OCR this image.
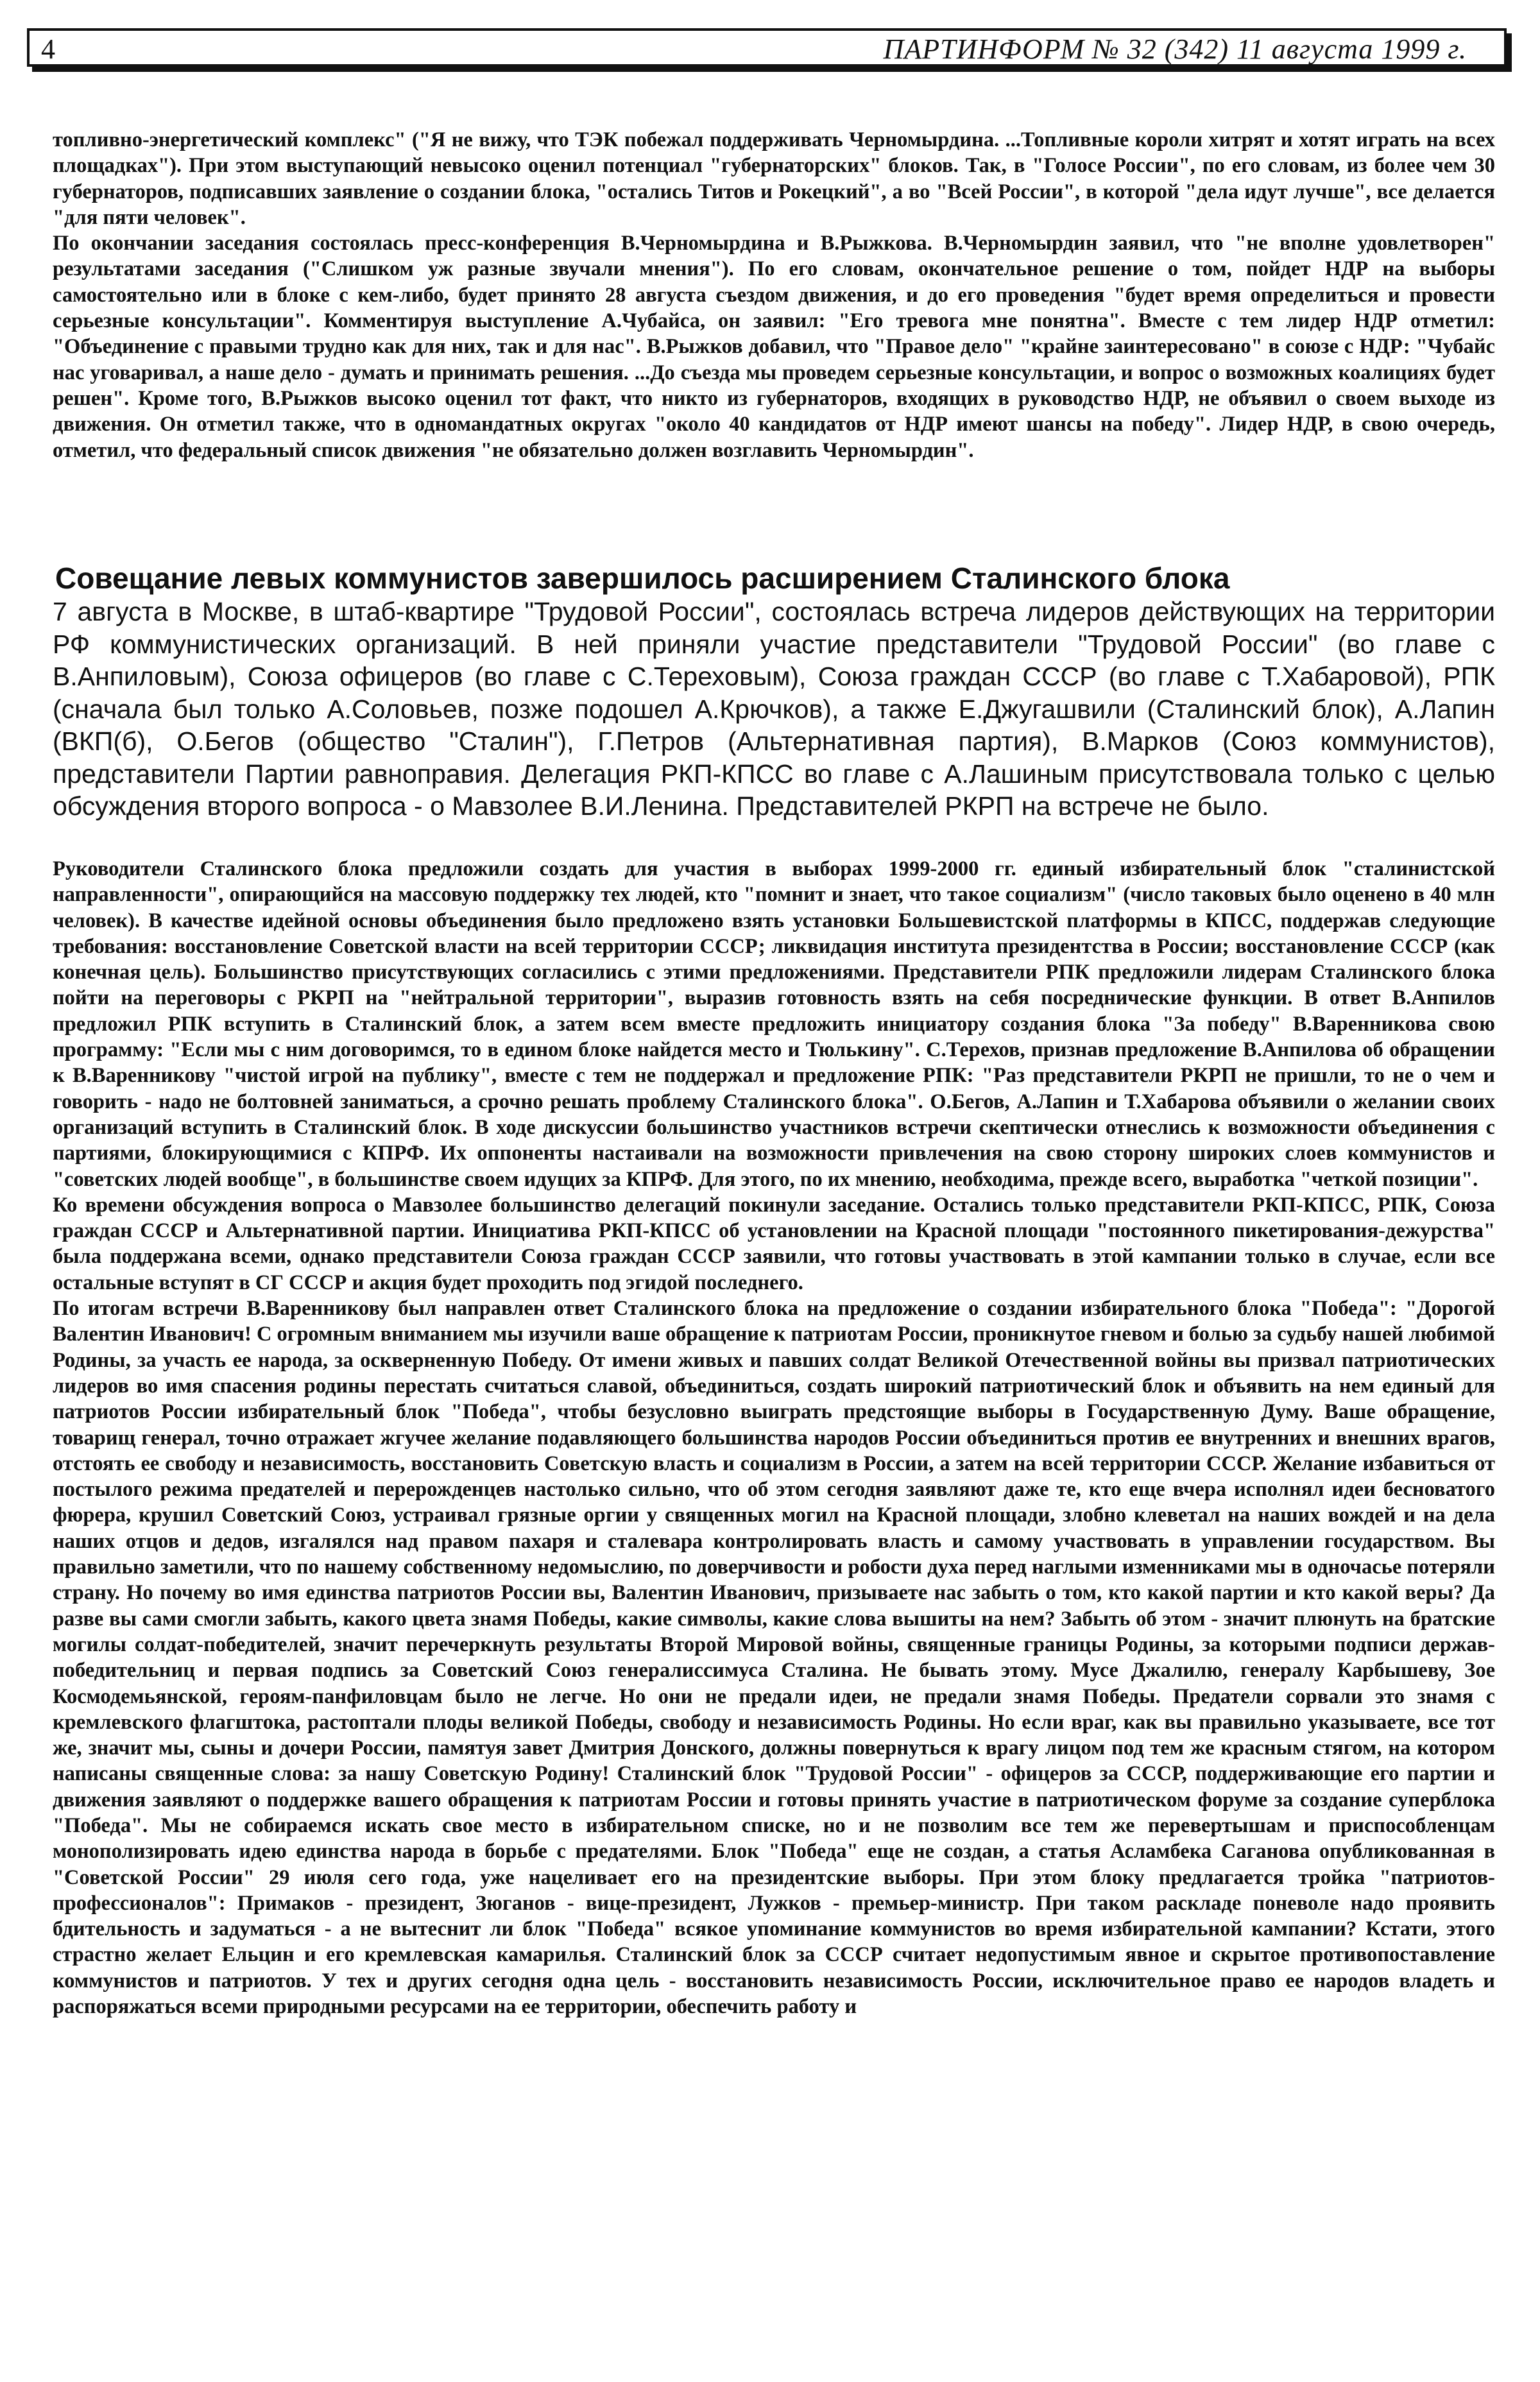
4	ПАРТИНФОРМ № 32 (342) 11 августа 1999 г.

топливно-энергетический комплекс" ("Я не вижу, что ТЭК побежал поддерживать Черномырдина. ...Топливные короли хитрят и хотят играть на всех площадках"). При этом выступающий невысоко оценил потенциал "губернаторских" блоков. Так, в "Голосе России", по его словам, из более чем 30 губернаторов, подписавших заявление о создании блока, "остались Титов и Рокецкий", а во "Всей России", в которой "дела идут лучше", все делается "для пяти человек".

По окончании заседания состоялась пресс-конференция В.Черномырдина и В.Рыжкова. В.Черномырдин заявил, что "не вполне удовлетворен" результатами заседания ("Слишком уж разные звучали мнения"). По его словам, окончательное решение о том, пойдет НДР на выборы самостоятельно или в блоке с кем-либо, будет принято 28 августа съездом движения, и до его проведения "будет время определиться и провести серьезные консультации". Комментируя выступление А.Чубайса, он заявил: "Его тревога мне понятна". Вместе с тем лидер НДР отметил: "Объединение с правыми трудно как для них, так и для нас". В.Рыжков добавил, что "Правое дело" "крайне заинтересовано" в союзе с НДР: "Чубайс нас уговаривал, а наше дело - думать и принимать решения. ...До съезда мы проведем серьезные консультации, и вопрос о возможных коалициях будет решен". Кроме того, В.Рыжков высоко оценил тот факт, что никто из губернаторов, входящих в руководство НДР, не объявил о своем выходе из движения. Он отметил также, что в одномандатных округах "около 40 кандидатов от НДР имеют шансы на победу". Лидер НДР, в свою очередь, отметил, что федеральный список движения "не обязательно должен возглавить Черномырдин".

Совещание левых коммунистов завершилось расширением Сталинского блока

7 августа в Москве, в штаб-квартире "Трудовой России", состоялась встреча лидеров действующих на территории РФ коммунистических организаций. В ней приняли участие представители "Трудовой России" (во главе с В.Анпиловым), Союза офицеров (во главе с С.Тереховым), Союза граждан СССР (во главе с Т.Хабаровой), РПК (сначала был только А.Соловьев, позже подошел А.Крючков), а также Е.Джугашвили (Сталинский блок), А.Лапин (ВКП(б), О.Бегов (общество "Сталин"), Г.Петров (Альтернативная партия), В.Марков (Союз коммунистов), представители Партии равноправия. Делегация РКП-КПСС во главе с А.Лашиным присутствовала только с целью обсуждения второго вопроса - о Мавзолее В.И.Ленина. Представителей РКРП на встрече не было.

Руководители Сталинского блока предложили создать для участия в выборах 1999-2000 гг. единый избирательный блок "сталинистской направленности", опирающийся на массовую поддержку тех людей, кто "помнит и знает, что такое социализм" (число таковых было оценено в 40 млн человек). В качестве идейной основы объединения было предложено взять установки Большевистской платформы в КПСС, поддержав следующие требования: восстановление Советской власти на всей территории СССР; ликвидация института президентства в России; восстановление СССР (как конечная цель). Большинство присутствующих согласились с этими предложениями. Представители РПК предложили лидерам Сталинского блока пойти на переговоры с РКРП на "нейтральной территории", выразив готовность взять на себя посреднические функции. В ответ В.Анпилов предложил РПК вступить в Сталинский блок, а затем всем вместе предложить инициатору создания блока "За победу" В.Варенникова свою программу: "Если мы с ним договоримся, то в едином блоке найдется место и Тюлькину". С.Терехов, признав предложение В.Анпилова об обращении к В.Варенникову "чистой игрой на публику", вместе с тем не поддержал и предложение РПК: "Раз представители РКРП не пришли, то не о чем и говорить - надо не болтовней заниматься, а срочно решать проблему Сталинского блока". О.Бегов, А.Лапин и Т.Хабарова объявили о желании своих организаций вступить в Сталинский блок. В ходе дискуссии большинство участников встречи скептически отнеслись к возможности объединения с партиями, блокирующимися с КПРФ. Их оппоненты настаивали на возможности привлечения на свою сторону широких слоев коммунистов и "советских людей вообще", в большинстве своем идущих за КПРФ. Для этого, по их мнению, необходима, прежде всего, выработка "четкой позиции".

Ко времени обсуждения вопроса о Мавзолее большинство делегаций покинули заседание. Остались только представители РКП-КПСС, РПК, Союза граждан СССР и Альтернативной партии. Инициатива РКП-КПСС об установлении на Красной площади "постоянного пикетирования-дежурства" была поддержана всеми, однако представители Союза граждан СССР заявили, что готовы участвовать в этой кампании только в случае, если все остальные вступят в СГ СССР и акция будет проходить под эгидой последнего.

По итогам встречи В.Варенникову был направлен ответ Сталинского блока на предложение о создании избирательного блока "Победа": "Дорогой Валентин Иванович! С огромным вниманием мы изучили ваше обращение к патриотам России, проникнутое гневом и болью за судьбу нашей любимой Родины, за участь ее народа, за оскверненную Победу. От имени живых и павших солдат Великой Отечественной войны вы призвал патриотических лидеров во имя спасения родины перестать считаться славой, объединиться, создать широкий патриотический блок и объявить на нем единый для патриотов России избирательный блок "Победа", чтобы безусловно выиграть предстоящие выборы в Государственную Думу. Ваше обращение, товарищ генерал, точно отражает жгучее желание подавляющего большинства народов России объединиться против ее внутренних и внешних врагов, отстоять ее свободу и независимость, восстановить Советскую власть и социализм в России, а затем на всей территории СССР. Желание избавиться от постылого режима предателей и перерожденцев настолько сильно, что об этом сегодня заявляют даже те, кто еще вчера исполнял идеи бесноватого фюрера, крушил Советский Союз, устраивал грязные оргии у священных могил на Красной площади, злобно клеветал на наших вождей и на дела наших отцов и дедов, изгалялся над правом пахаря и сталевара контролировать власть и самому участвовать в управлении государством. Вы правильно заметили, что по нашему собственному недомыслию, по доверчивости и робости духа перед наглыми изменниками мы в одночасье потеряли страну. Но почему во имя единства патриотов России вы, Валентин Иванович, призываете нас забыть о том, кто какой партии и кто какой веры? Да разве вы сами смогли забыть, какого цвета знамя Победы, какие символы, какие слова вышиты на нем? Забыть об этом - значит плюнуть на братские могилы солдат-победителей, значит перечеркнуть результаты Второй Мировой войны, священные границы Родины, за которыми подписи держав-победительниц и первая подпись за Советский Союз генералиссимуса Сталина. Не бывать этому. Мусе Джалилю, генералу Карбышеву, Зое Космодемьянской, героям-панфиловцам было не легче. Но они не предали идеи, не предали знамя Победы. Предатели сорвали это знамя с кремлевского флагштока, растоптали плоды великой Победы, свободу и независимость Родины. Но если враг, как вы правильно указываете, все тот же, значит мы, сыны и дочери России, памятуя завет Дмитрия Донского, должны повернуться к врагу лицом под тем же красным стягом, на котором написаны священные слова: за нашу Советскую Родину! Сталинский блок "Трудовой России" - офицеров за СССР, поддерживающие его партии и движения заявляют о поддержке вашего обращения к патриотам России и готовы принять участие в патриотическом форуме за создание суперблока "Победа". Мы не собираемся искать свое место в избирательном списке, но и не позволим все тем же перевертышам и приспособленцам монополизировать идею единства народа в борьбе с предателями. Блок "Победа" еще не создан, а статья Асламбека Саганова опубликованная в "Советской России" 29 июля сего года, уже нацеливает его на президентские выборы. При этом блоку предлагается тройка "патриотов-профессионалов": Примаков - президент, Зюганов - вице-президент, Лужков - премьер-министр. При таком раскладе поневоле надо проявить бдительность и задуматься - а не вытеснит ли блок "Победа" всякое упоминание коммунистов во время избирательной кампании? Кстати, этого страстно желает Ельцин и его кремлевская камарилья. Сталинский блок за СССР считает недопустимым явное и скрытое противопоставление коммунистов и патриотов. У тех и других сегодня одна цель - восстановить независимость России, исключительное право ее народов владеть и распоряжаться всеми природными ресурсами на ее территории, обеспечить работу и
